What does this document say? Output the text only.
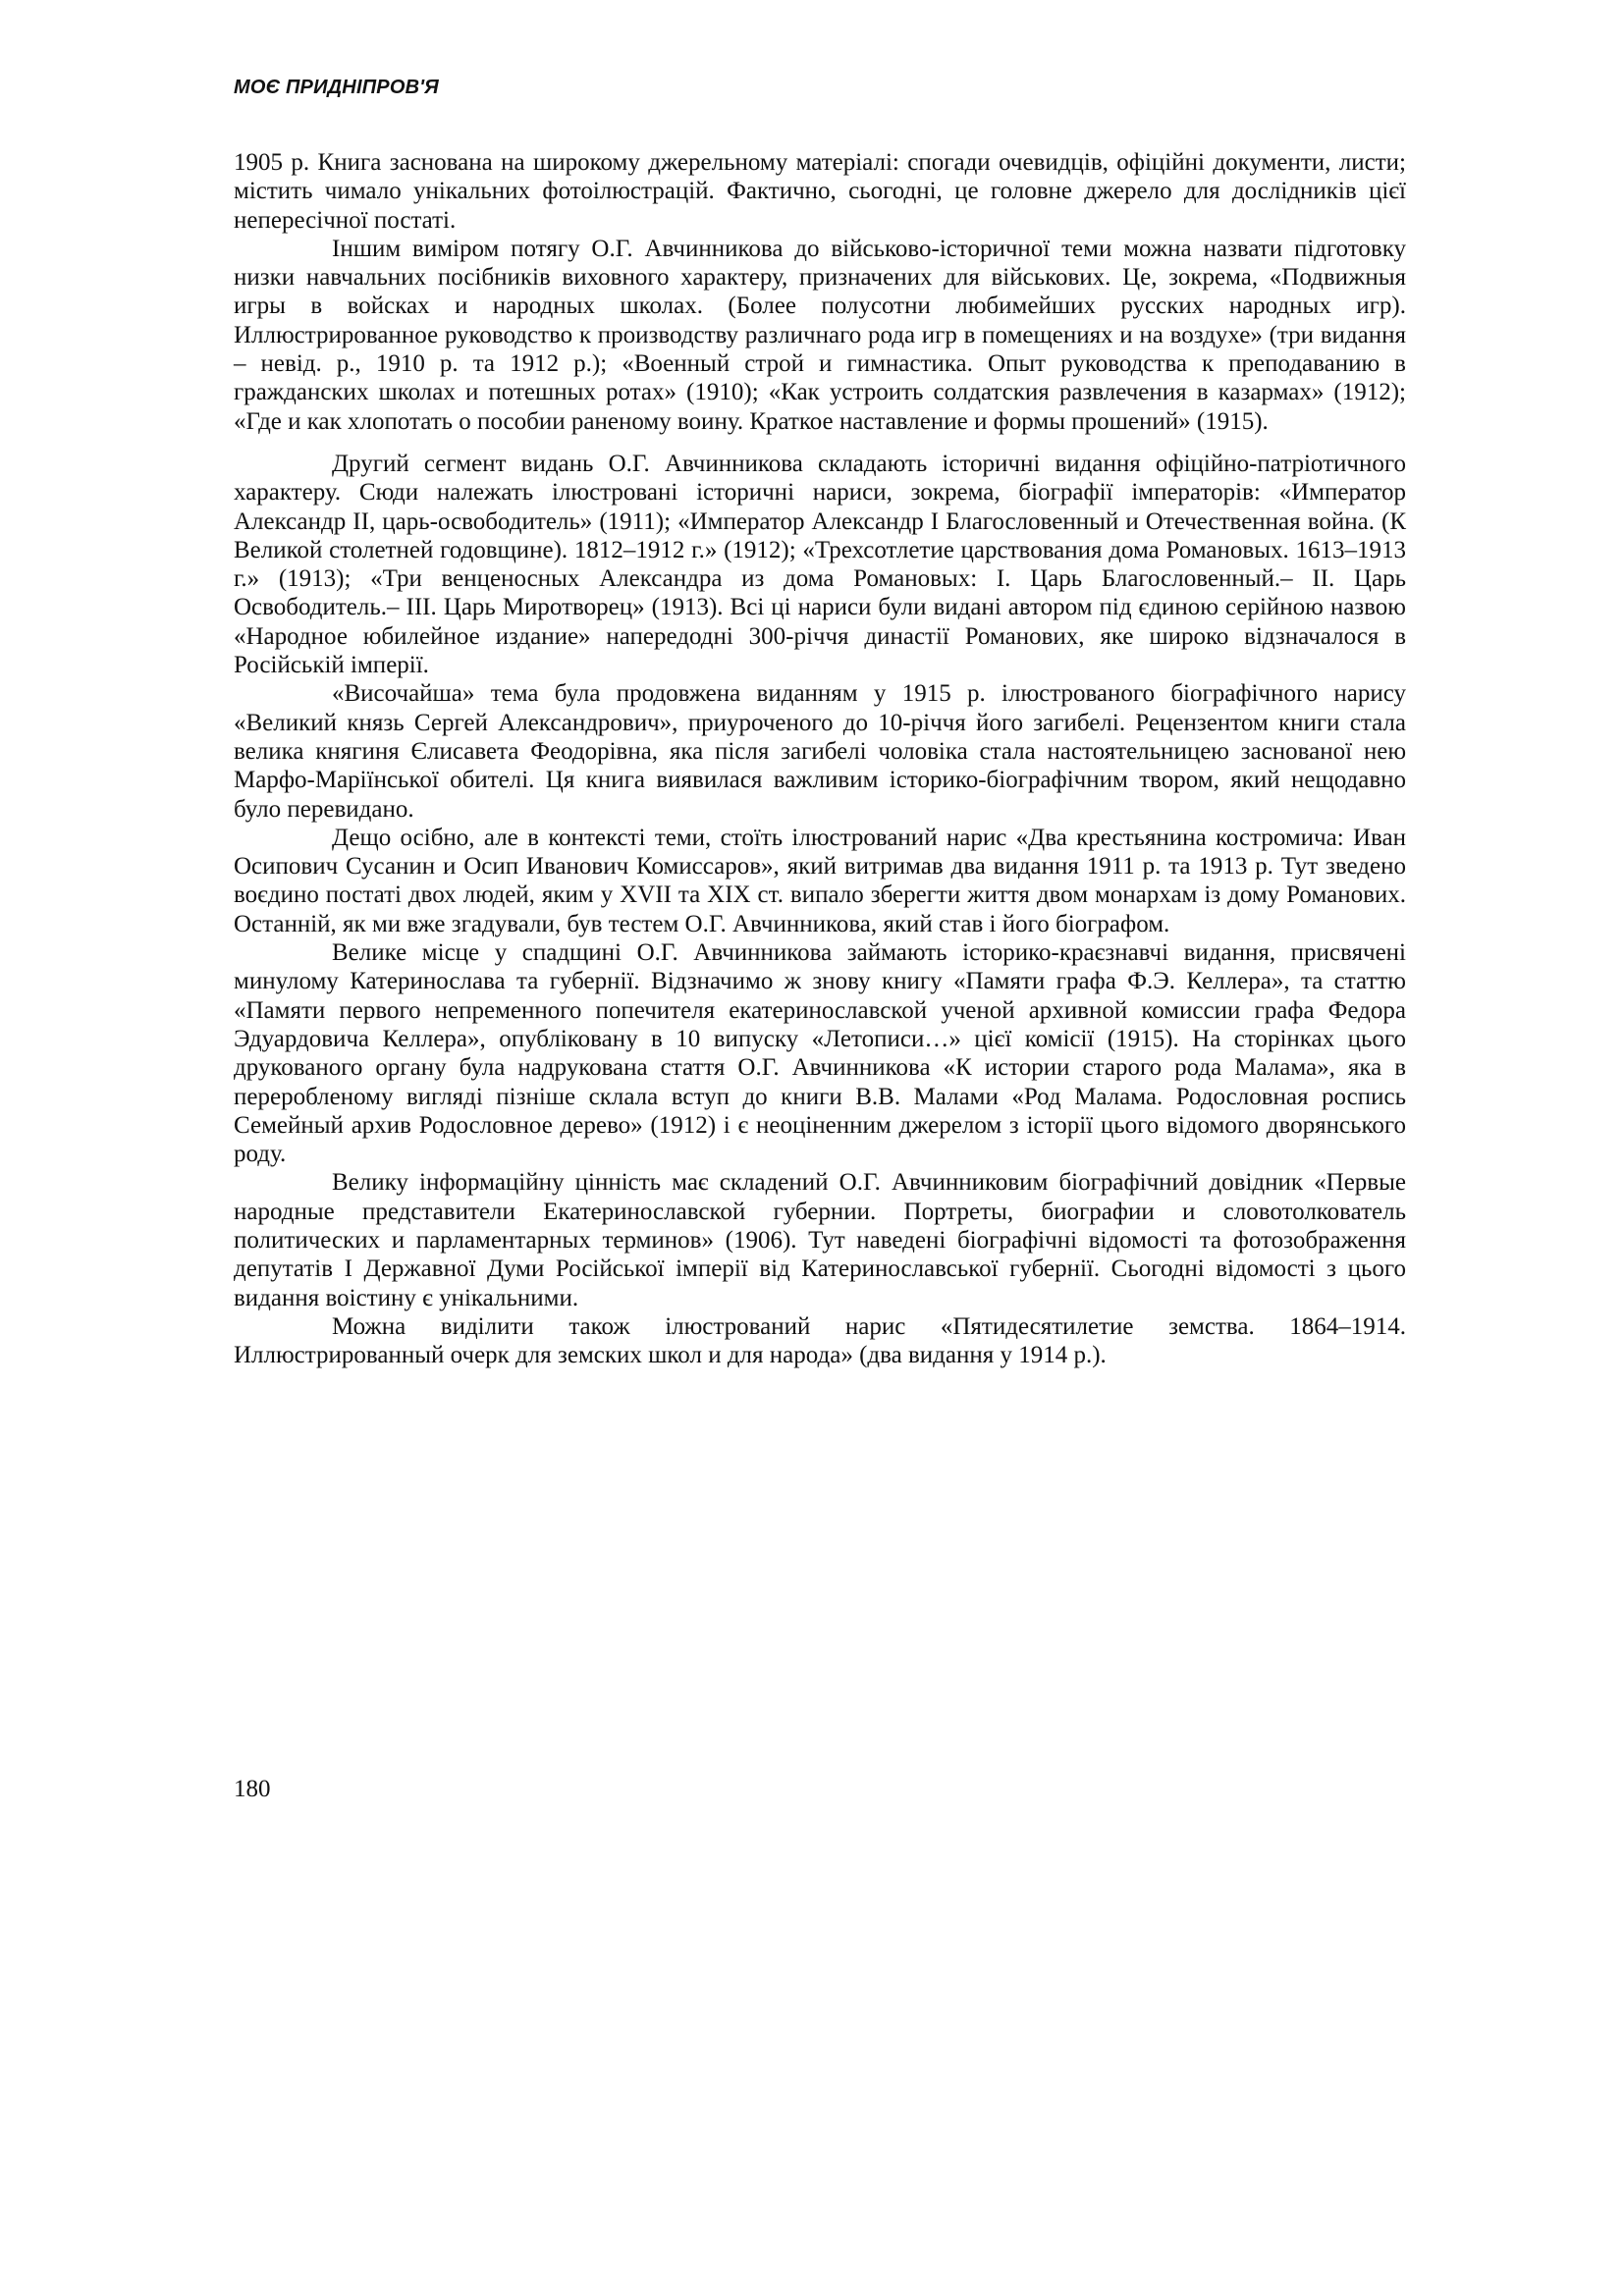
МОЄ ПРИДНІПРОВ'Я

1905 р. Книга заснована на широкому джерельному матеріалі: спогади очевидців, офіційні документи, листи; містить чимало унікальних фотоілюстрацій. Фактично, сьогодні, це головне джерело для дослідників цієї непересічної постаті.

Іншим виміром потягу О.Г. Авчинникова до військово-історичної теми можна назвати підготовку низки навчальних посібників виховного характеру, призначених для військових. Це, зокрема, «Подвижныя игры в войсках и народных школах. (Более полусотни любимейших русских народных игр). Иллюстрированное руководство к производству различнаго рода игр в помещениях и на воздухе» (три видання – невід. р., 1910 р. та 1912 р.); «Военный строй и гимнастика. Опыт руководства к преподаванию в гражданских школах и потешных ротах» (1910); «Как устроить солдатския развлечения в казармах» (1912); «Где и как хлопотать о пособии раненому воину. Краткое наставление и формы прошений» (1915).

Другий сегмент видань О.Г. Авчинникова складають історичні видання офіційно-патріотичного характеру. Сюди належать ілюстровані історичні нариси, зокрема, біографії імператорів: «Император Александр II, царь-освободитель» (1911); «Император Александр I Благословенный и Отечественная война. (К Великой столетней годовщине). 1812–1912 г.» (1912); «Трехсотлетие царствования дома Романовых. 1613–1913 г.» (1913); «Три венценосных Александра из дома Романовых: I. Царь Благословенный.– II. Царь Освободитель.– III. Царь Миротворец» (1913). Всі ці нариси були видані автором під єдиною серійною назвою «Народное юбилейное издание» напередодні 300-річчя династії Романових, яке широко відзначалося в Російській імперії.

«Височайша» тема була продовжена виданням у 1915 р. ілюстрованого біографічного нарису «Великий князь Сергей Александрович», приуроченого до 10-річчя його загибелі. Рецензентом книги стала велика княгиня Єлисавета Феодорівна, яка після загибелі чоловіка стала настоятельницею заснованої нею Марфо-Маріїнської обителі. Ця книга виявилася важливим історико-біографічним твором, який нещодавно було перевидано.

Дещо осібно, але в контексті теми, стоїть ілюстрований нарис «Два крестьянина костромича: Иван Осипович Сусанин и Осип Иванович Комиссаров», який витримав два видання 1911 р. та 1913 р. Тут зведено воєдино постаті двох людей, яким у XVII та XIX ст. випало зберегти життя двом монархам із дому Романових. Останній, як ми вже згадували, був тестем О.Г. Авчинникова, який став і його біографом.

Велике місце у спадщині О.Г. Авчинникова займають історико-краєзнавчі видання, присвячені минулому Катеринослава та губернії. Відзначимо ж знову книгу «Памяти графа Ф.Э. Келлера», та статтю «Памяти первого непременного попечителя екатеринославской ученой архивной комиссии графа Федора Эдуардовича Келлера», опубліковану в 10 випуску «Летописи…» цієї комісії (1915). На сторінках цього друкованого органу була надрукована стаття О.Г. Авчинникова «К истории старого рода Малама», яка в переробленому вигляді пізніше склала вступ до книги В.В. Малами «Род Малама. Родословная роспись Семейный архив Родословное дерево» (1912) і є неоціненним джерелом з історії цього відомого дворянського роду.

Велику інформаційну цінність має складений О.Г. Авчинниковим біографічний довідник «Первые народные представители Екатеринославской губернии. Портреты, биографии и словотолкователь политических и парламентарных терминов» (1906). Тут наведені біографічні відомості та фотозображення депутатів І Державної Думи Російської імперії від Катеринославської губернії. Сьогодні відомості з цього видання воістину є унікальними.

Можна виділити також ілюстрований нарис «Пятидесятилетие земства. 1864–1914. Иллюстрированный очерк для земских школ и для народа» (два видання у 1914 р.).

180
